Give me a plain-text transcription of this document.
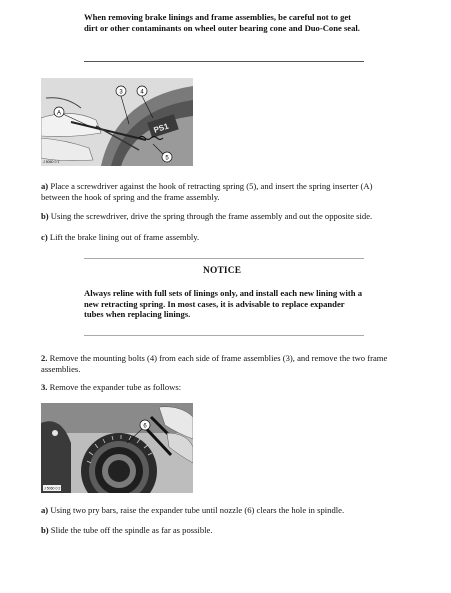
When removing brake linings and frame assemblies, be careful not to get dirt or other contaminants on wheel outer bearing cone and Duo-Cone seal.
PS1
3	4
A
5
J 5060 0 1
a) Place a screwdriver against the hook of retracting spring (5), and insert the spring inserter (A) between the hook of spring and the frame assembly.
b) Using the screwdriver, drive the spring through the frame assembly and out the opposite side.
c) Lift the brake lining out of frame assembly.
NOTICE
Always reline with full sets of linings only, and install each new lining with a new retracting spring. In most cases, it is advisable to replace expander tubes when replacing linings.
2. Remove the mounting bolts (4) from each side of frame assemblies (3), and remove the two frame assemblies.
3. Remove the expander tube as follows:
6
J 5060 0 2
a) Using two pry bars, raise the expander tube until nozzle (6) clears the hole in spindle.
b) Slide the tube off the spindle as far as possible.
